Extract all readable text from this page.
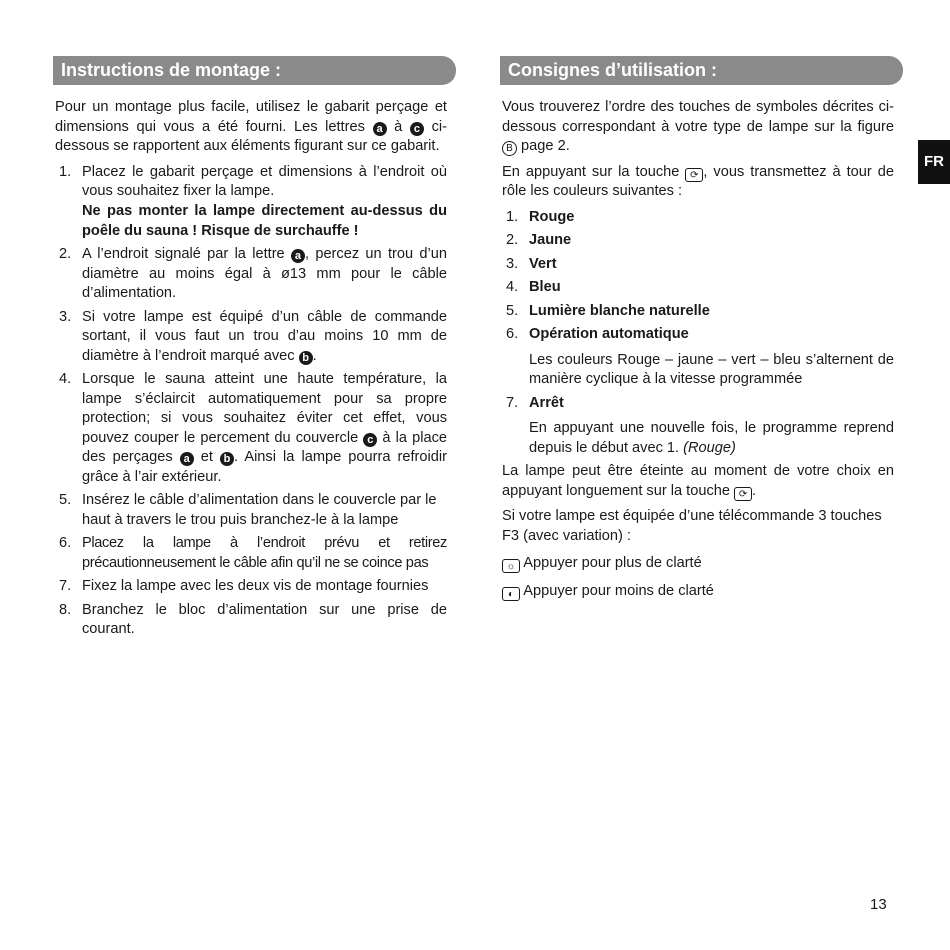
Instructions de montage :

Pour un montage plus facile, utilisez le gabarit perçage et dimensions qui vous a été fourni. Les lettres a à c ci-dessous se rapportent aux éléments figurant sur ce gabarit.

1. Placez le gabarit perçage et dimensions à l’endroit où vous souhaitez fixer la lampe.
Ne pas monter la lampe directement au-dessus du poêle du sauna ! Risque de surchauffe !
2. A l’endroit signalé par la lettre a , percez un trou d’un diamètre au moins égal à ø13 mm pour le câble d’alimentation.
3. Si votre lampe est équipé d’un câble de commande sortant, il vous faut un trou d’au moins 10 mm de diamètre à l’endroit marqué avec b .
4. Lorsque le sauna atteint une haute température, la lampe s’éclaircit automatiquement pour sa propre protection; si vous souhaitez éviter cet effet, vous pouvez couper le percement du couvercle c à la place des perçages a et b . Ainsi la lampe pourra refroidir grâce à l’air extérieur.
5. Insérez le câble d’alimentation dans le couvercle par le haut à travers le trou puis branchez-le à la lampe
6. Placez la lampe à l’endroit prévu et retirez précautionneusement le câble afin qu’il ne se coince pas
7. Fixez la lampe avec les deux vis de montage fournies
8. Branchez le bloc d’alimentation sur une prise de courant.
Consignes d’utilisation :

Vous trouverez l’ordre des touches de symboles décrites ci-dessous correspondant à votre type de lampe sur la figure B page 2.

En appuyant sur la touche ⟳ , vous transmettez à tour de rôle les couleurs suivantes :

1. Rouge
2. Jaune
3. Vert
4. Bleu
5. Lumière blanche naturelle
6. Opération automatique
Les couleurs Rouge – jaune – vert – bleu s’alternent de manière cyclique à la vitesse programmée
7. Arrêt
En appuyant une nouvelle fois, le programme reprend depuis le début avec 1. (Rouge)

La lampe peut être éteinte au moment de votre choix en appuyant longuement sur la touche ⟳ .

Si votre lampe est équipée d’une télécommande 3 touches F3 (avec variation) :

☼ Appuyer pour plus de clarté
◐ Appuyer pour moins de clarté
FR
13
